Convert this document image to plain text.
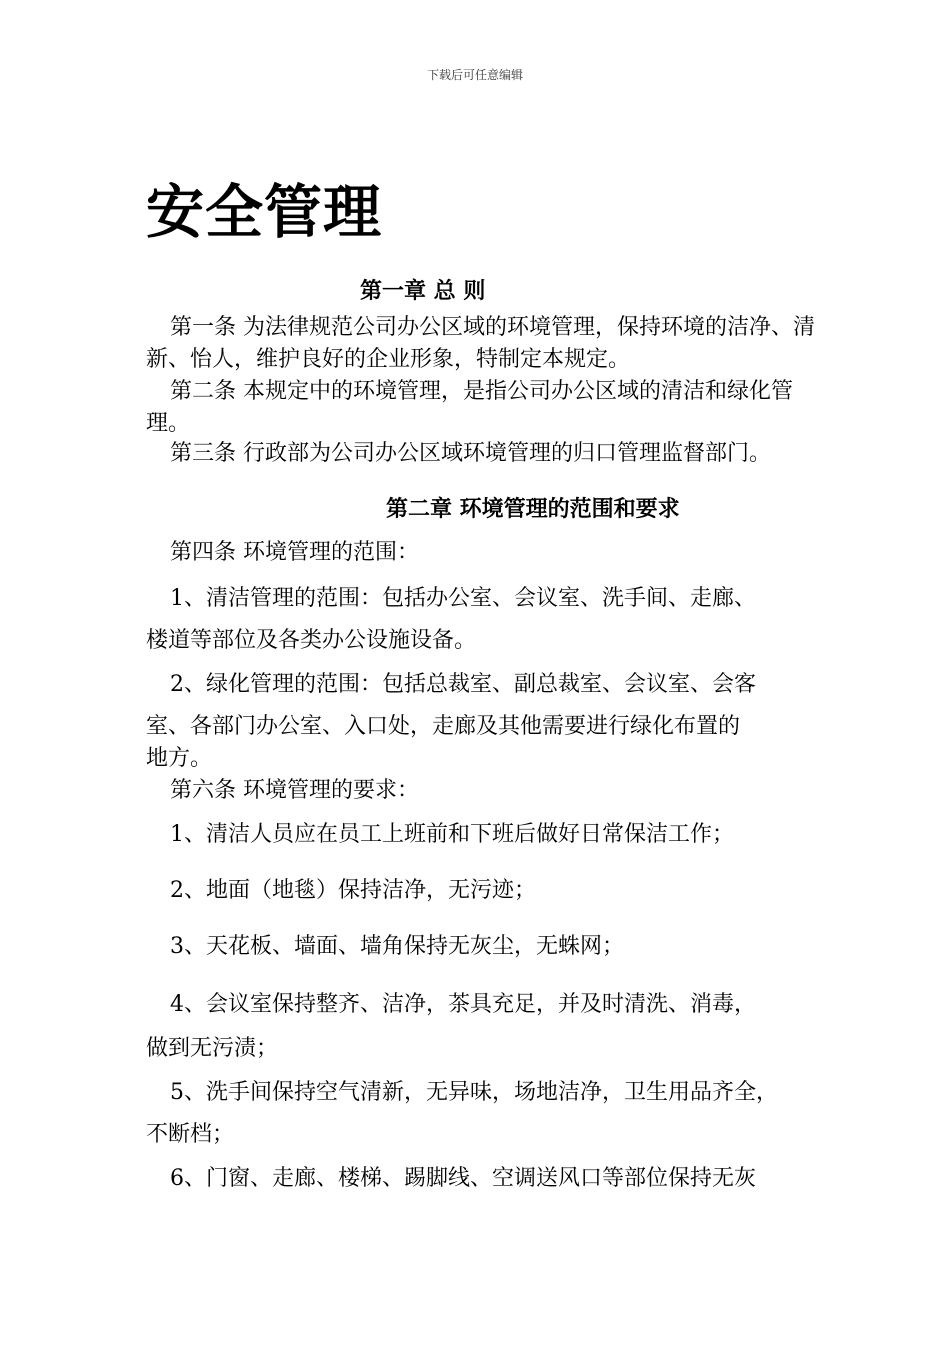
下载后可任意编辑
安全管理
第一章 总 则
第一条 为法律规范公司办公区域的环境管理，保持环境的洁净、清新、怡人，维护良好的企业形象，特制定本规定。
第二条 本规定中的环境管理，是指公司办公区域的清洁和绿化管理。
第三条 行政部为公司办公区域环境管理的归口管理监督部门。
第二章 环境管理的范围和要求
第四条 环境管理的范围：
1、清洁管理的范围：包括办公室、会议室、洗手间、走廊、
楼道等部位及各类办公设施设备。
2、绿化管理的范围：包括总裁室、副总裁室、会议室、会客
室、各部门办公室、入口处，走廊及其他需要进行绿化布置的
地方。
第六条 环境管理的要求：
1、清洁人员应在员工上班前和下班后做好日常保洁工作；
2、地面（地毯）保持洁净，无污迹；
3、天花板、墙面、墙角保持无灰尘，无蛛网；
4、会议室保持整齐、洁净，茶具充足，并及时清洗、消毒，
做到无污渍；
5、洗手间保持空气清新，无异味，场地洁净，卫生用品齐全，
不断档；
6、门窗、走廊、楼梯、踢脚线、空调送风口等部位保持无灰
